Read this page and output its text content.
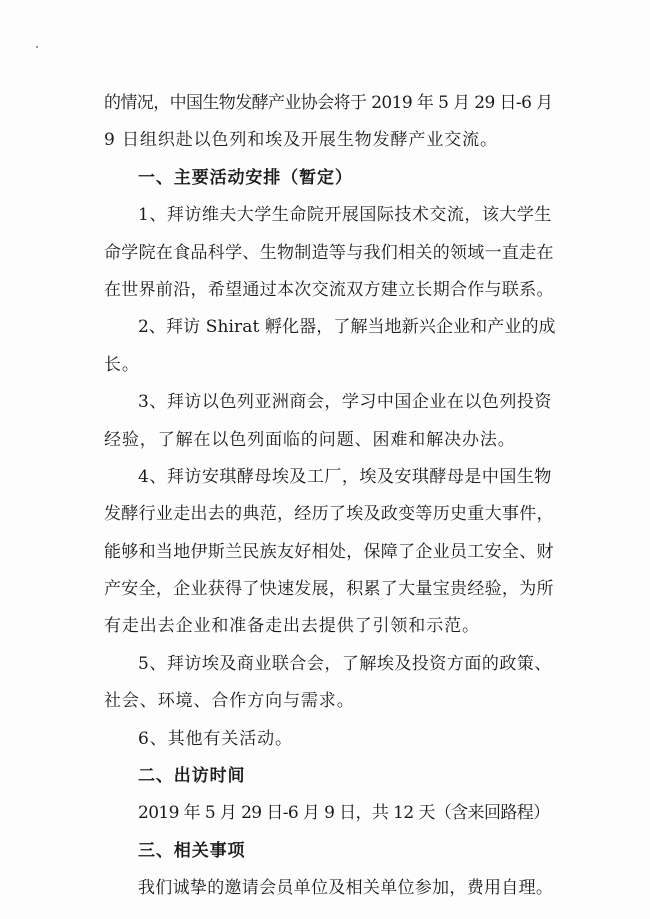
的情况，中国生物发酵产业协会将于 2019 年 5 月 29 日-6 月
9 日组织赴以色列和埃及开展生物发酵产业交流。
一、主要活动安排（暂定）
1、拜访维夫大学生命院开展国际技术交流，该大学生
命学院在食品科学、生物制造等与我们相关的领域一直走在
在世界前沿，希望通过本次交流双方建立长期合作与联系。
2、拜访 Shirat 孵化器，了解当地新兴企业和产业的成
长。
3、拜访以色列亚洲商会，学习中国企业在以色列投资
经验，了解在以色列面临的问题、困难和解决办法。
4、拜访安琪酵母埃及工厂，埃及安琪酵母是中国生物
发酵行业走出去的典范，经历了埃及政变等历史重大事件，
能够和当地伊斯兰民族友好相处，保障了企业员工安全、财
产安全，企业获得了快速发展，积累了大量宝贵经验，为所
有走出去企业和准备走出去提供了引领和示范。
5、拜访埃及商业联合会，了解埃及投资方面的政策、
社会、环境、合作方向与需求。
6、其他有关活动。
二、出访时间
2019 年 5 月 29 日-6 月 9 日，共 12 天（含来回路程）
三、相关事项
我们诚挚的邀请会员单位及相关单位参加，费用自理。
